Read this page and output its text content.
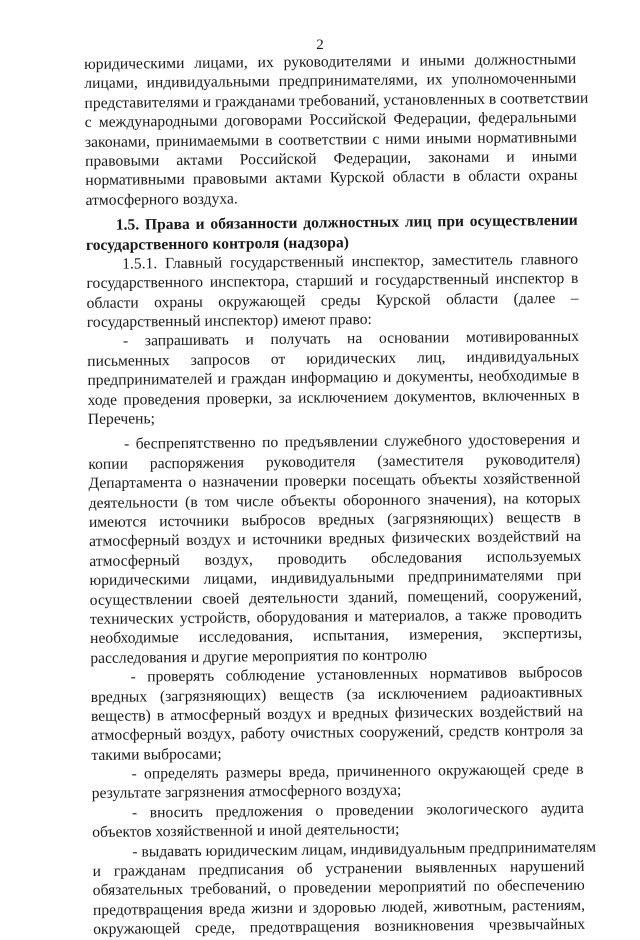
2
юридическими лицами, их руководителями и иными должностными
лицами, индивидуальными предпринимателями, их уполномоченными
представителями и гражданами требований, установленных в соответствии
с международными договорами Российской Федерации, федеральными
законами, принимаемыми в соответствии с ними иными нормативными
правовыми актами Российской Федерации, законами и иными
нормативными правовыми актами Курской области в области охраны
атмосферного воздуха.
1.5. Права и обязанности должностных лиц при осуществлении
государственного контроля (надзора)
1.5.1. Главный государственный инспектор, заместитель главного
государственного инспектора, старший и государственный инспектор в
области охраны окружающей среды Курской области (далее –
государственный инспектор) имеют право:
- запрашивать и получать на основании мотивированных
письменных запросов от юридических лиц, индивидуальных
предпринимателей и граждан информацию и документы, необходимые в
ходе проведения проверки, за исключением документов, включенных в
Перечень;
- беспрепятственно по предъявлении служебного удостоверения и
копии распоряжения руководителя (заместителя руководителя)
Департамента о назначении проверки посещать объекты хозяйственной
деятельности (в том числе объекты оборонного значения), на которых
имеются источники выбросов вредных (загрязняющих) веществ в
атмосферный воздух и источники вредных физических воздействий на
атмосферный воздух, проводить обследования используемых
юридическими лицами, индивидуальными предпринимателями при
осуществлении своей деятельности зданий, помещений, сооружений,
технических устройств, оборудования и материалов, а также проводить
необходимые исследования, испытания, измерения, экспертизы,
расследования и другие мероприятия по контролю
- проверять соблюдение установленных нормативов выбросов
вредных (загрязняющих) веществ (за исключением радиоактивных
веществ) в атмосферный воздух и вредных физических воздействий на
атмосферный воздух, работу очистных сооружений, средств контроля за
такими выбросами;
- определять размеры вреда, причиненного окружающей среде в
результате загрязнения атмосферного воздуха;
- вносить предложения о проведении экологического аудита
объектов хозяйственной и иной деятельности;
- выдавать юридическим лицам, индивидуальным предпринимателям
и гражданам предписания об устранении выявленных нарушений
обязательных требований, о проведении мероприятий по обеспечению
предотвращения вреда жизни и здоровью людей, животным, растениям,
окружающей среде, предотвращения возникновения чрезвычайных
